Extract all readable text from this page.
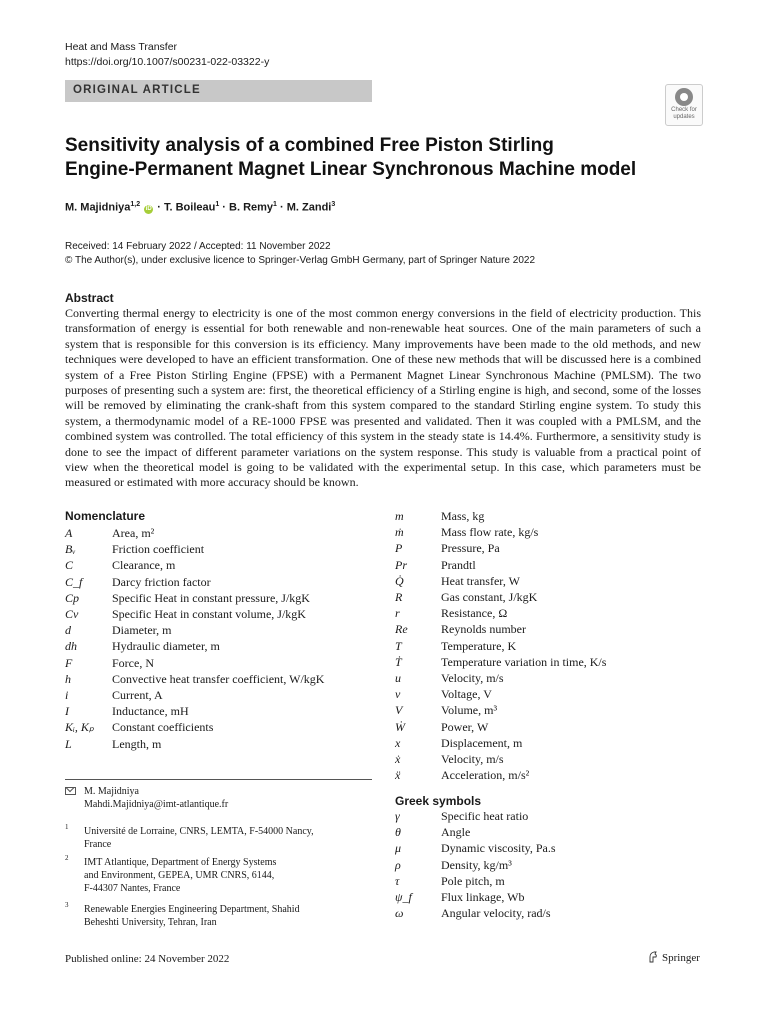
Heat and Mass Transfer
https://doi.org/10.1007/s00231-022-03322-y
ORIGINAL ARTICLE
Check for
updates
Sensitivity analysis of a combined Free Piston Stirling
Engine-Permanent Magnet Linear Synchronous Machine model
M. Majidniya$^{1,2}$ iD · T. Boileau$^1$ · B. Remy$^1$ · M. Zandi$^3$
Received: 14 February 2022 / Accepted: 11 November 2022
© The Author(s), under exclusive licence to Springer-Verlag GmbH Germany, part of Springer Nature 2022
Abstract
Converting thermal energy to electricity is one of the most common energy conversions in the field of electricity production. This transformation of energy is essential for both renewable and non-renewable heat sources. One of the main parameters of such a system that is responsible for this conversion is its efficiency. Many improvements have been made to the old methods, and new techniques were developed to have an efficient transformation. One of these new methods that will be discussed here is a combined system of a Free Piston Stirling Engine (FPSE) with a Permanent Magnet Linear Synchronous Machine (PMLSM). The two purposes of presenting such a system are: first, the theoretical efficiency of a Stirling engine is high, and second, some of the losses will be removed by eliminating the crank-shaft from this system compared to the standard Stirling engine system. To study this system, a thermodynamic model of a RE-1000 FPSE was presented and validated. Then it was coupled with a PMLSM, and the combined system was controlled. The total efficiency of this system in the steady state is 14.4%. Furthermore, a sensitivity study is done to see the impact of different parameter variations on the system response. This study is valuable from a practical point of view when the theoretical model is going to be validated with the experimental setup. In this case, which parameters must be measured or estimated with more accuracy should be known.
Nomenclature
A	Area, m²
Bᵥ	Friction coefficient
C	Clearance, m
C_f Darcy friction factor
Cp	Specific Heat in constant pressure, J/kgK
Cv	Specific Heat in constant volume, J/kgK
d	Diameter, m
dh	Hydraulic diameter, m
F	Force, N
h	Convective heat transfer coefficient, W/kgK
i	Current, A
I	Inductance, mH
Kᵢ, Kₚ Constant coefficients
L	Length, m
m	Mass, kg
ṁ	Mass flow rate, kg/s
P	Pressure, Pa
Pr	Prandtl
Q̇	Heat transfer, W
R	Gas constant, J/kgK
r	Resistance, Ω
Re	Reynolds number
T	Temperature, K
Ṫ	Temperature variation in time, K/s
u	Velocity, m/s
v	Voltage, V
V	Volume, m³
Ẇ	Power, W
x	Displacement, m
ẋ	Velocity, m/s
ẍ	Acceleration, m/s²
M. Majidniya
Mahdi.Majidniya@imt-atlantique.fr
1 Université de Lorraine, CNRS, LEMTA, F-54000 Nancy,
France
2 IMT Atlantique, Department of Energy Systems
and Environment, GEPEA, UMR CNRS, 6144,
F-44307 Nantes, France
3 Renewable Energies Engineering Department, Shahid
Beheshti University, Tehran, Iran
Greek symbols
γ	Specific heat ratio
θ	Angle
μ	Dynamic viscosity, Pa.s
ρ	Density, kg/m³
τ	Pole pitch, m
ψ_f Flux linkage, Wb
ω	Angular velocity, rad/s
Published online: 24 November 2022	Springer
